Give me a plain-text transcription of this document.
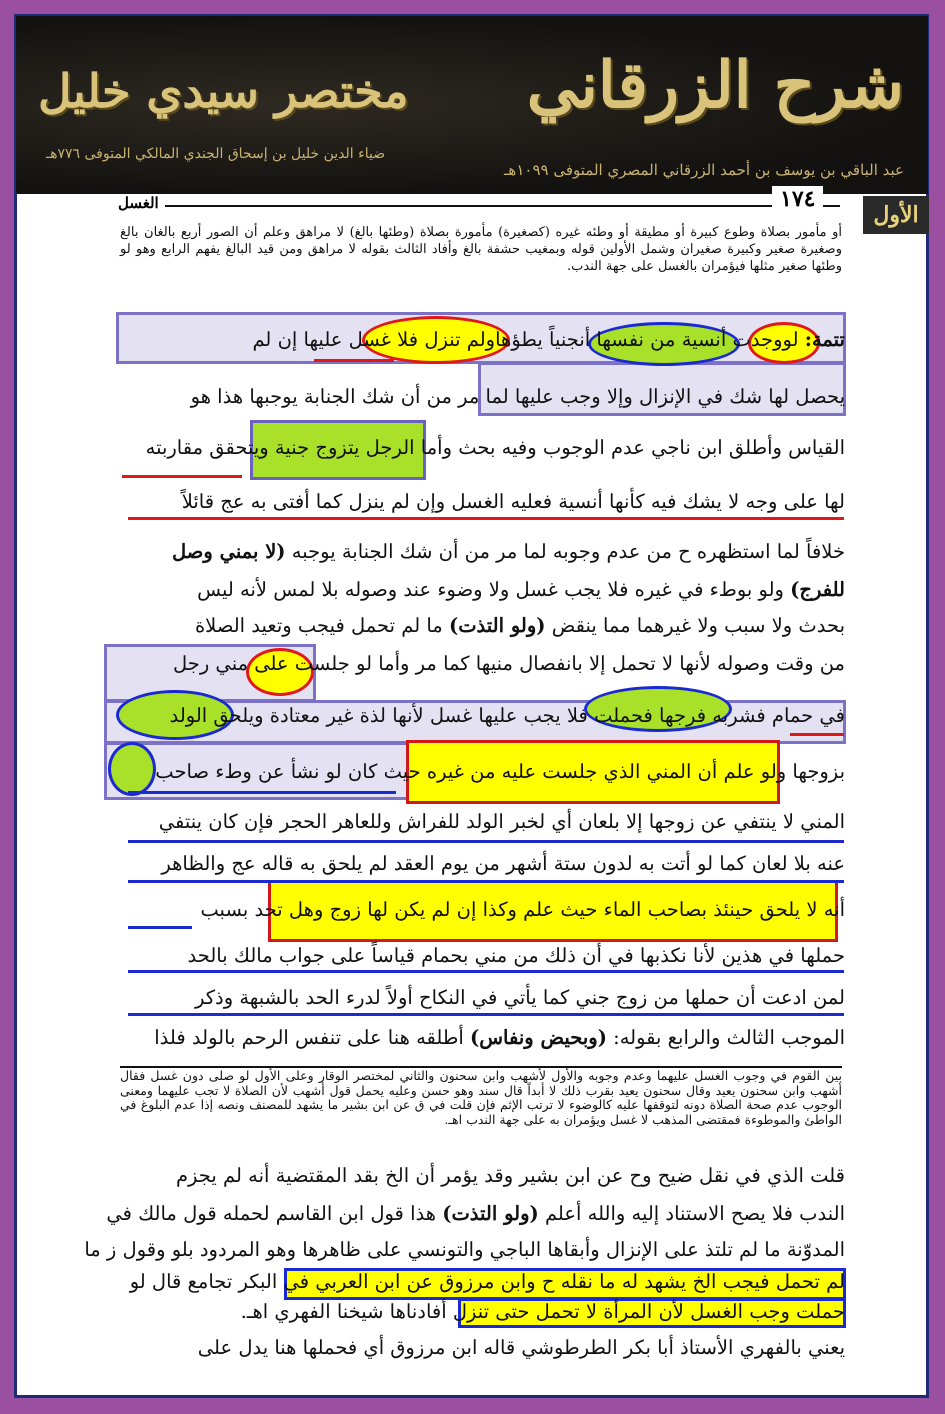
شرح الزرقاني
مختصر سيدي خليل
عبد الباقي بن يوسف بن أحمد الزرقاني المصري المتوفى ١٠٩٩هـ
ضياء الدين خليل بن إسحاق الجندي المالكي المتوفى ٧٧٦هـ
الأول
١٧٤
الغسل
أو مأمور بصلاة وطوع كبيرة أو مطيقة أو وطئه غيره (كصغيرة) مأمورة بصلاة (وطئها بالغ) لا مراهق وعلم أن الصور أربع بالغان بالغ وصغيرة صغير وكبيرة صغيران وشمل الأولين قوله وبمغيب حشفة بالغ وأفاد الثالث بقوله لا مراهق ومن قيد البالغ يفهم الرابع وهو لو وطئها صغير مثلها فيؤمران بالغسل على جهة الندب.
تتمة: لووجدت أنسية من نفسها أنجنياً يطؤهاولم تنزل فلا غسل عليها إن لم
يحصل لها شك في الإنزال وإلا وجب عليها لما مر من أن شك الجنابة يوجبها هذا هو
القياس وأطلق ابن ناجي عدم الوجوب وفيه بحث وأما الرجل يتزوج جنية ويتحقق مقاربته
لها على وجه لا يشك فيه كأنها أنسية فعليه الغسل وإن لم ينزل كما أفتى به عج قائلاً
خلافاً لما استظهره ح من عدم وجوبه لما مر من أن شك الجنابة يوجبه (لا بمني وصل
للفرج) ولو بوطء في غيره فلا يجب غسل ولا وضوء عند وصوله بلا لمس لأنه ليس
بحدث ولا سبب ولا غيرهما مما ينقض (ولو التذت) ما لم تحمل فيجب وتعيد الصلاة
من وقت وصوله لأنها لا تحمل إلا بانفصال منيها كما مر وأما لو جلست على مني رجل
في حمام فشربه فرجها فحملت فلا يجب عليها غسل لأنها لذة غير معتادة ويلحق الولد
بزوجها ولو علم أن المني الذي جلست عليه من غيره حيث كان لو نشأ عن وطء صاحب
المني لا ينتفي عن زوجها إلا بلعان أي لخبر الولد للفراش وللعاهر الحجر فإن كان ينتفي
عنه بلا لعان كما لو أتت به لدون ستة أشهر من يوم العقد لم يلحق به قاله عج والظاهر
أنه لا يلحق حينئذ بصاحب الماء حيث علم وكذا إن لم يكن لها زوج وهل تحد بسبب
حملها في هذين لأنا نكذبها في أن ذلك من مني بحمام قياساً على جواب مالك بالحد
لمن ادعت أن حملها من زوج جني كما يأتي في النكاح أولاً لدرء الحد بالشبهة وذكر
الموجب الثالث والرابع بقوله: (وبحيض ونفاس) أطلقه هنا على تنفس الرحم بالولد فلذا
بين القوم في وجوب الغسل عليهما وعدم وجوبه والأول لأشهب وابن سحنون والثاني لمختصر الوقار وعلى الأول لو صلى دون غسل فقال أشهب وابن سحنون يعيد وقال سحنون يعيد بقرب ذلك لا أبداً قال سند وهو حسن وعليه يحمل قول أشهب لأن الصلاة لا تجب عليهما ومعنى الوجوب عدم صحة الصلاة دونه لتوقفها عليه كالوضوء لا ترتب الإثم فإن قلت في ق عن ابن بشير ما يشهد للمصنف ونصه إذا عدم البلوغ في الواطئ والموطوءة فمقتضى المذهب لا غسل ويؤمران به على جهة الندب اهـ.
قلت الذي في نقل ضيح وح عن ابن بشير وقد يؤمر أن الخ بقد المقتضية أنه لم يجزم
الندب فلا يصح الاستناد إليه والله أعلم (ولو التذت) هذا قول ابن القاسم لحمله قول مالك في
المدوّنة ما لم تلتذ على الإنزال وأبقاها الباجي والتونسي على ظاهرها وهو المردود بلو وقول ز ما
لم تحمل فيجب الخ يشهد له ما نقله ح وابن مرزوق عن ابن العربي في البكر تجامع قال لو
حملت وجب الغسل لأن المرأة لا تحمل حتى تنزل أفادناها شيخنا الفهري اهـ.
يعني بالفهري الأستاذ أبا بكر الطرطوشي قاله ابن مرزوق أي فحملها هنا يدل على
